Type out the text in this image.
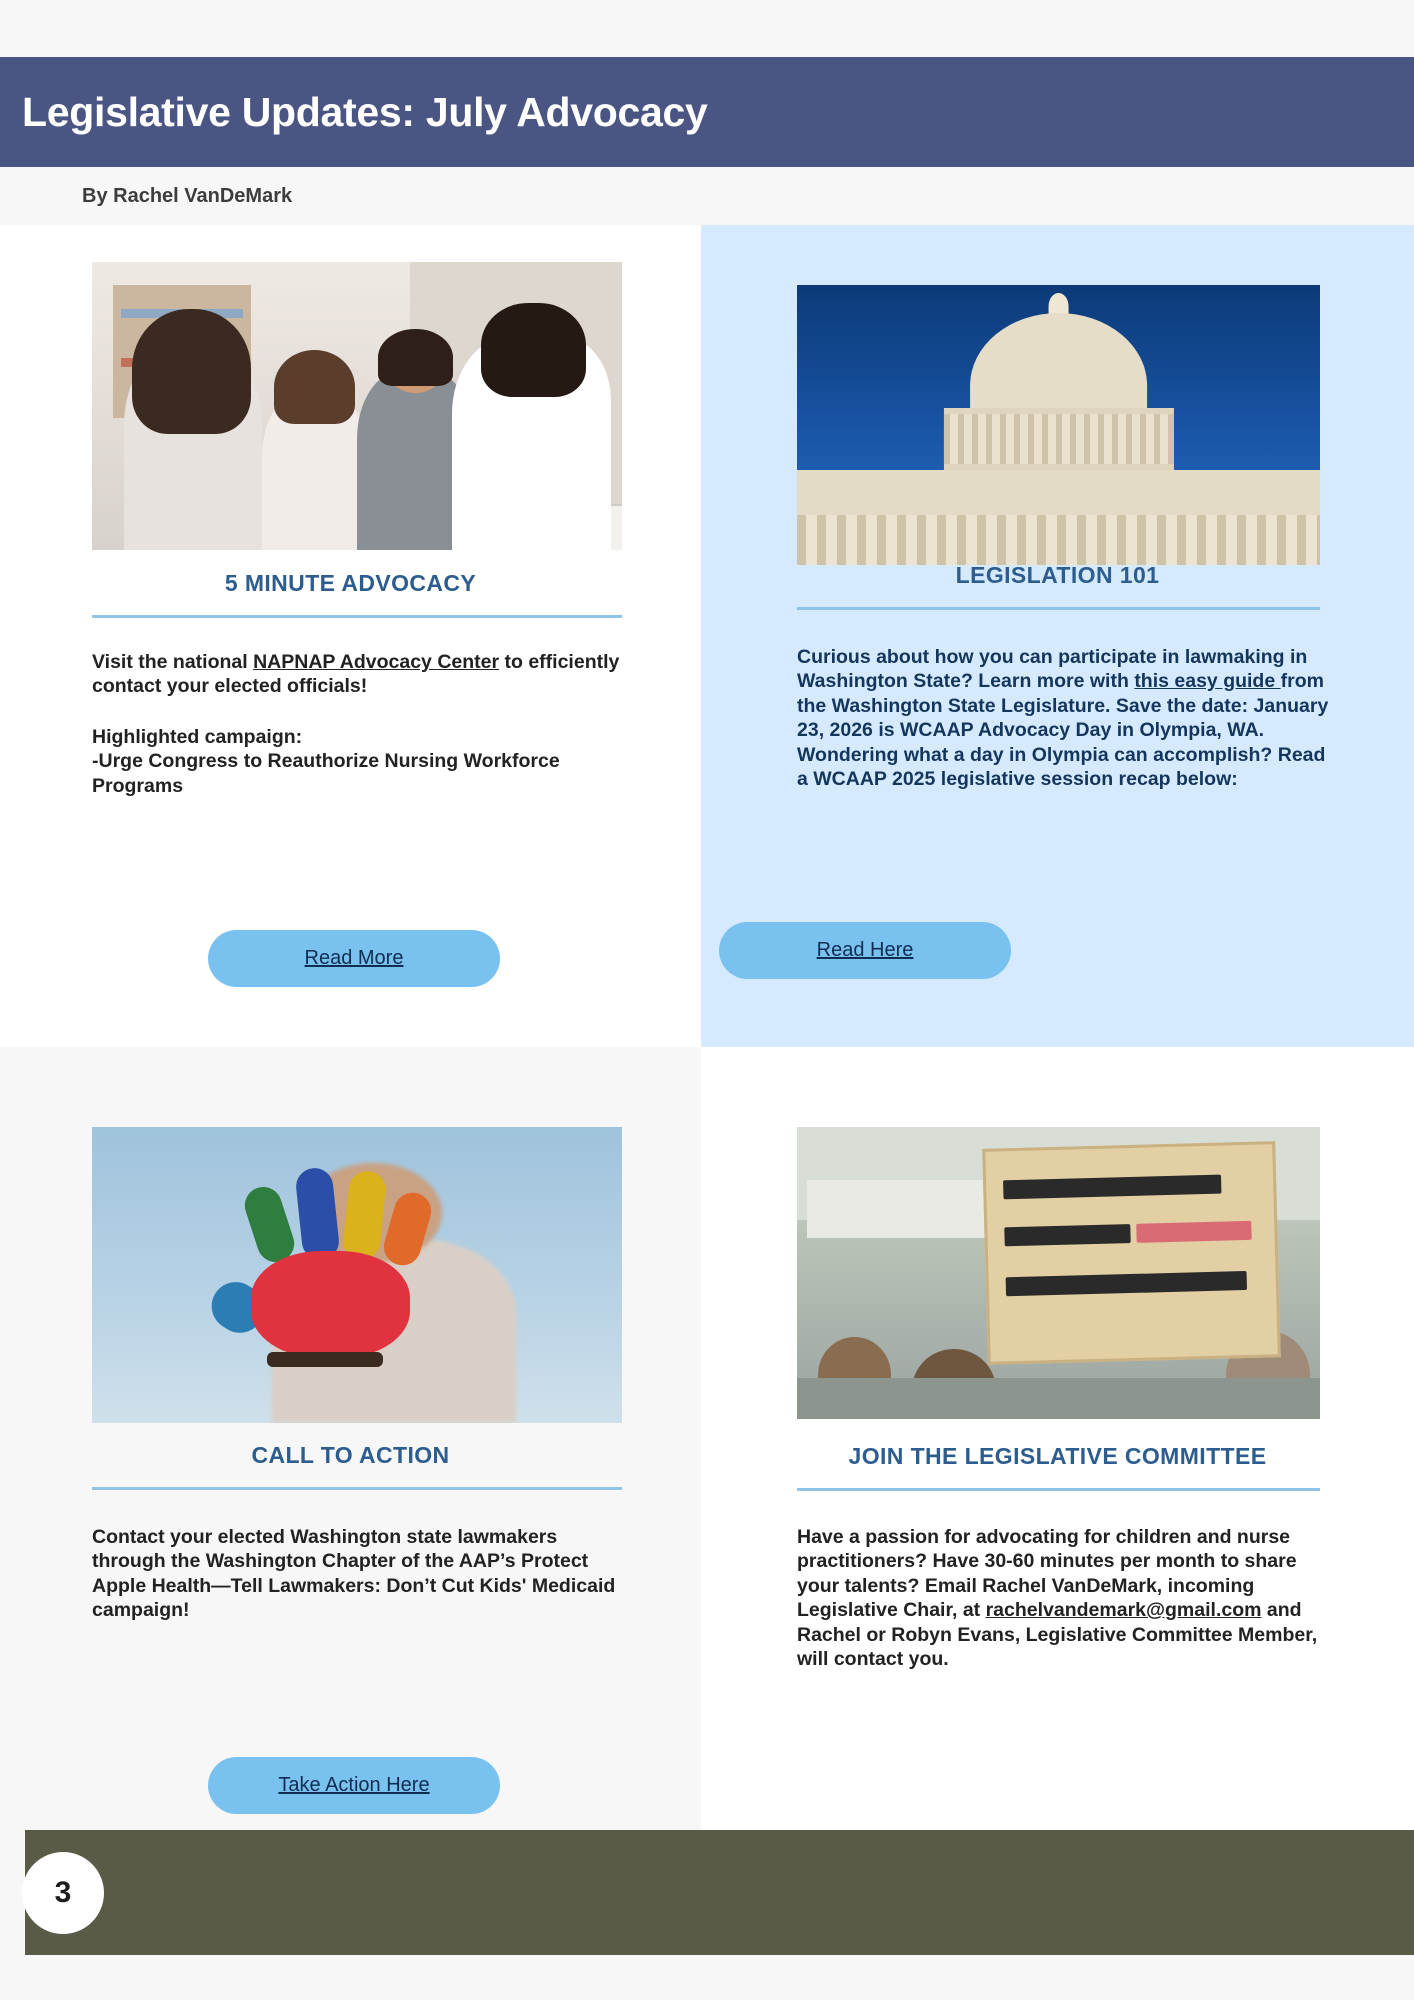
Legislative Updates: July Advocacy
By Rachel VanDeMark
5 MINUTE ADVOCACY
Visit the national NAPNAP Advocacy Center to efficiently contact your elected officials!
Highlighted campaign:
-Urge Congress to Reauthorize Nursing Workforce Programs
Read More
LEGISLATION 101
Curious about how you can participate in lawmaking in Washington State? Learn more with this easy guide from the Washington State Legislature. Save the date: January 23, 2026 is WCAAP Advocacy Day in Olympia, WA. Wondering what a day in Olympia can accomplish? Read a WCAAP 2025 legislative session recap below:
Read Here
CALL TO ACTION
Contact your elected Washington state lawmakers through the Washington Chapter of the AAP’s Protect Apple Health—Tell Lawmakers: Don’t Cut Kids' Medicaid campaign!
Take Action Here
JOIN THE LEGISLATIVE COMMITTEE
Have a passion for advocating for children and nurse practitioners? Have 30-60 minutes per month to share your talents? Email Rachel VanDeMark, incoming Legislative Chair, at rachelvandemark@gmail.com and Rachel or Robyn Evans, Legislative Committee Member, will contact you.
3
